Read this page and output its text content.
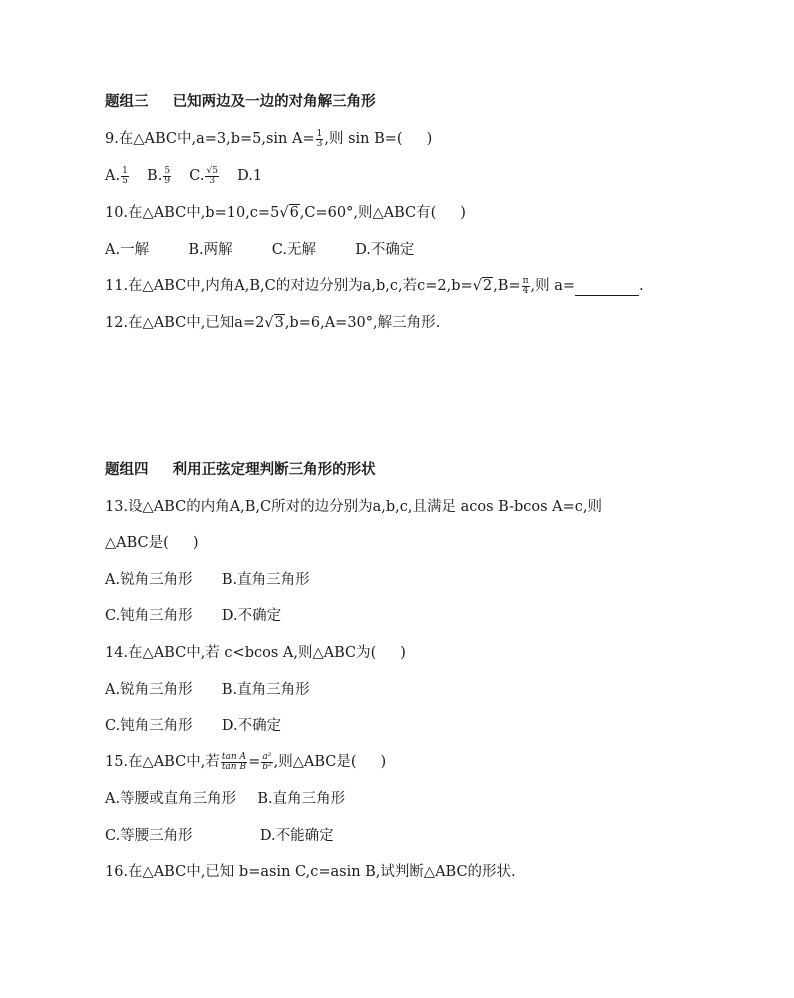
题组三 已知两边及一边的对角解三角形
9.在△ABC中,a=3,b=5,sin $A= \frac{1}{3}$ ,则 sin B=( )
A. $\frac{1}{5} B$. $\frac{5}{9} C$. $\frac{√5}{3} D.1$
10.在△ABC中,b=10,c=5√6,C=60°,则△ABC有( )
A.一解	B.两解	C.无解	D.不确定
11.在△ABC中,内角A,B,C的对边分别为a,b,c,若$c=2,b=√2,B= \frac{\pi}{4}$ ,则 a=	.
12.在△ABC中,已知a=2√3,b=6,A=30°,解三角形.
题组四 利用正弦定理判断三角形的形状
13.设△ABC的内角A,B,C所对的边分别为a,b,c,且满足 acos B-bcos A=c,则
△ABC是( )
A.锐角三角形 B.直角三角形
C.钝角三角形 D.不确定
14.在△ABC中,若 c<bcos A,则△ABC为( )
A.锐角三角形 B.直角三角形
C.钝角三角形 D.不确定
15.在△ABC中,若 $\frac{\text{tan A}}{\text{tan B}} = \frac{\text{a²}}{\text{b²}}$ ,则△ABC是( )
A.等腰或直角三角形 B.直角三角形
C.等腰三角形	D.不能确定
16.在△ABC中,已知 b=asin C,c=asin B,试判断△ABC的形状.
